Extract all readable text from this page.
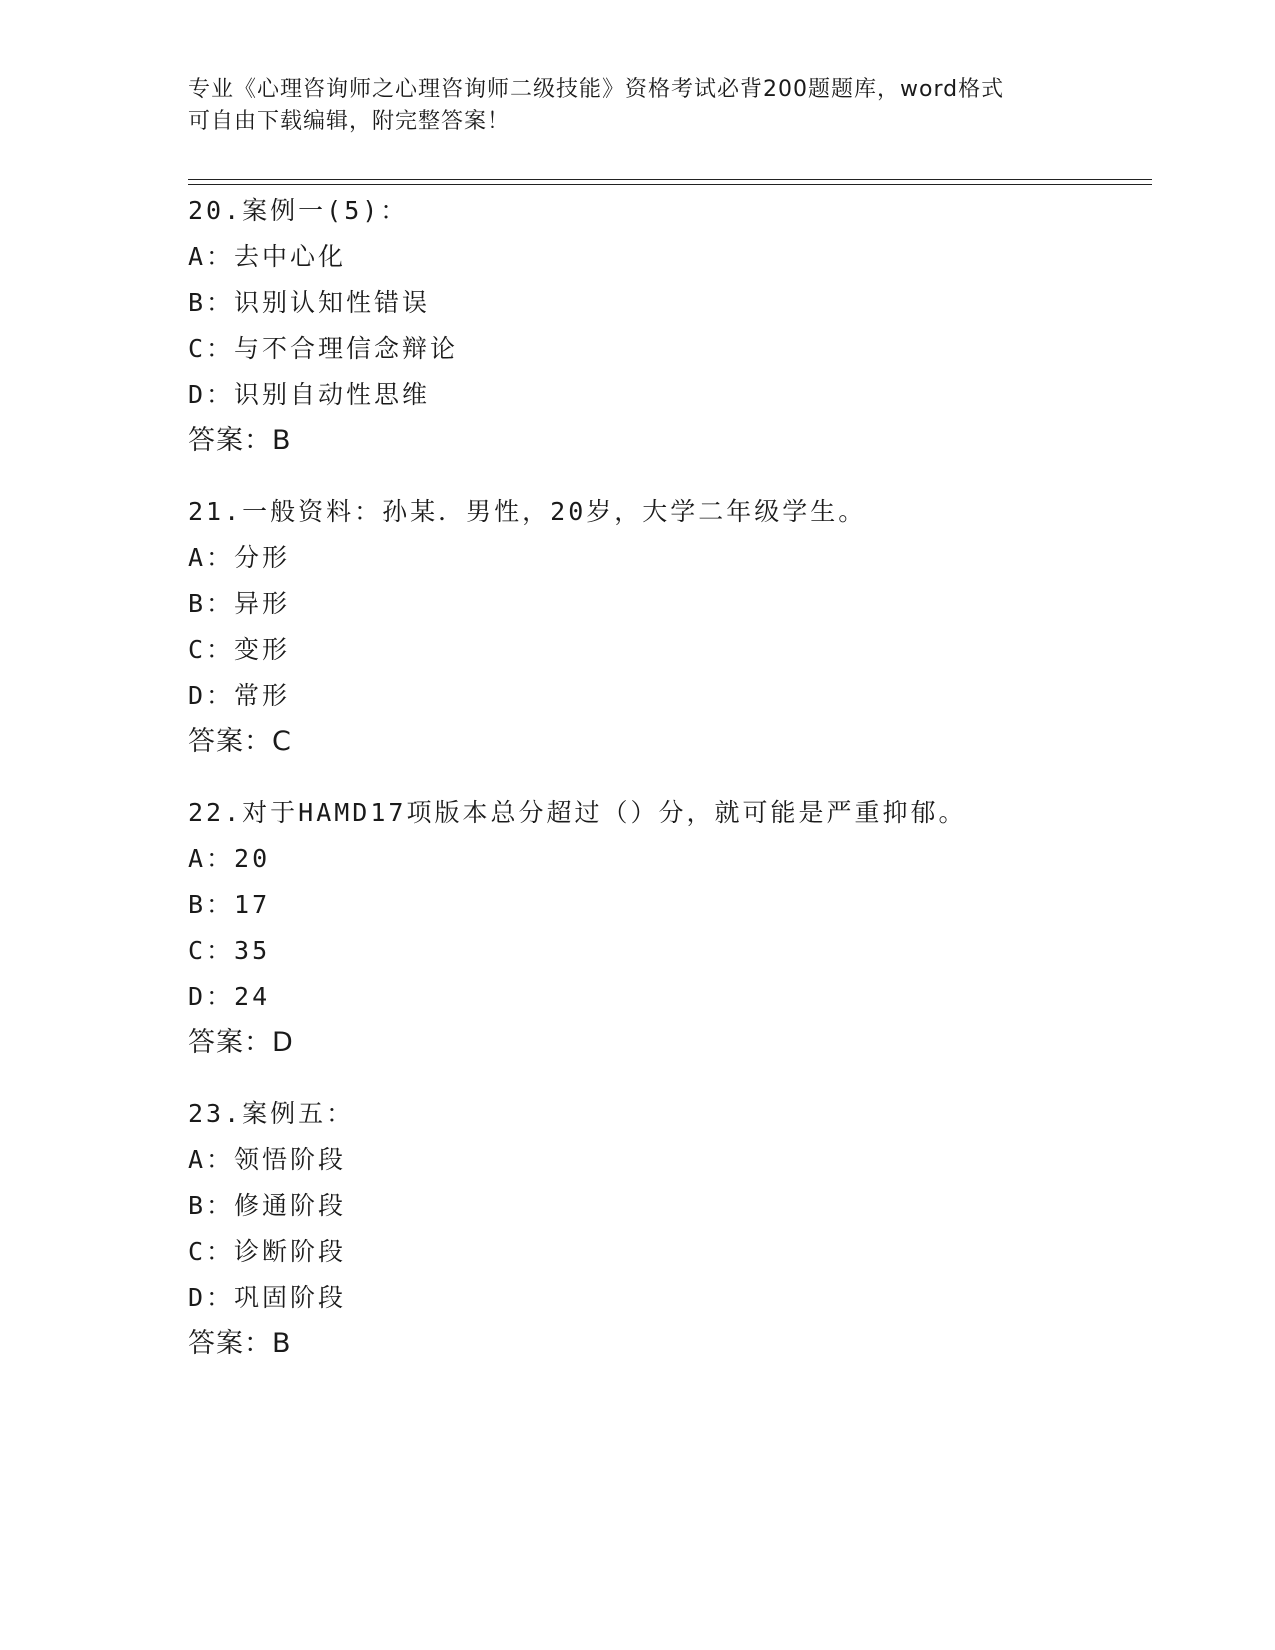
专业《心理咨询师之心理咨询师二级技能》资格考试必背200题题库，word格式

可自由下载编辑，附完整答案！

20.案例一(5)：
A：去中心化
B：识别认知性错误
C：与不合理信念辩论
D：识别自动性思维
答案：B
21.一般资料：孙某．男性，20岁，大学二年级学生。
A：分形
B：异形
C：变形
D：常形
答案：C
22.对于HAMD17项版本总分超过（）分，就可能是严重抑郁。
A：20
B：17
C：35
D：24
答案：D
23.案例五：
A：领悟阶段
B：修通阶段
C：诊断阶段
D：巩固阶段
答案：B
